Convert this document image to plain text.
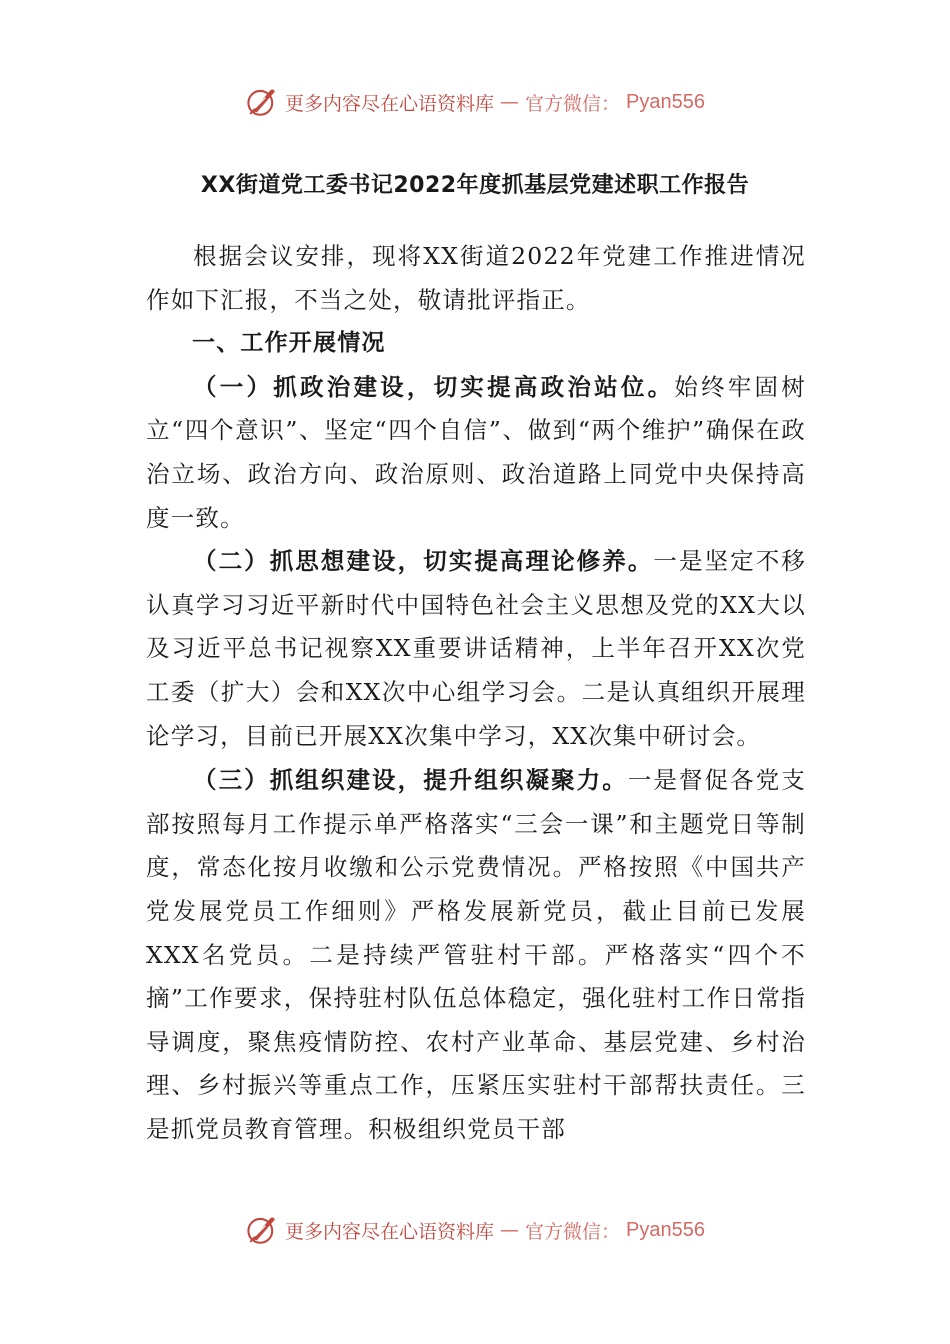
更多内容尽在心语资料库 — 官方微信： Pyan556
XX街道党工委书记2022年度抓基层党建述职工作报告

根据会议安排，现将XX街道2022年党建工作推进情况作如下汇报，不当之处，敬请批评指正。

一、工作开展情况

（一）抓政治建设，切实提高政治站位。始终牢固树立“四个意识”、坚定“四个自信”、做到“两个维护”确保在政治立场、政治方向、政治原则、政治道路上同党中央保持高度一致。

（二）抓思想建设，切实提高理论修养。一是坚定不移认真学习习近平新时代中国特色社会主义思想及党的XX大以及习近平总书记视察XX重要讲话精神，上半年召开XX次党工委（扩大）会和XX次中心组学习会。二是认真组织开展理论学习，目前已开展XX次集中学习，XX次集中研讨会。

（三）抓组织建设，提升组织凝聚力。一是督促各党支部按照每月工作提示单严格落实“三会一课”和主题党日等制度，常态化按月收缴和公示党费情况。严格按照《中国共产党发展党员工作细则》严格发展新党员，截止目前已发展XXX名党员。二是持续严管驻村干部。严格落实“四个不摘”工作要求，保持驻村队伍总体稳定，强化驻村工作日常指导调度，聚焦疫情防控、农村产业革命、基层党建、乡村治理、乡村振兴等重点工作，压紧压实驻村干部帮扶责任。三是抓党员教育管理。积极组织党员干部

更多内容尽在心语资料库 — 官方微信： Pyan556
